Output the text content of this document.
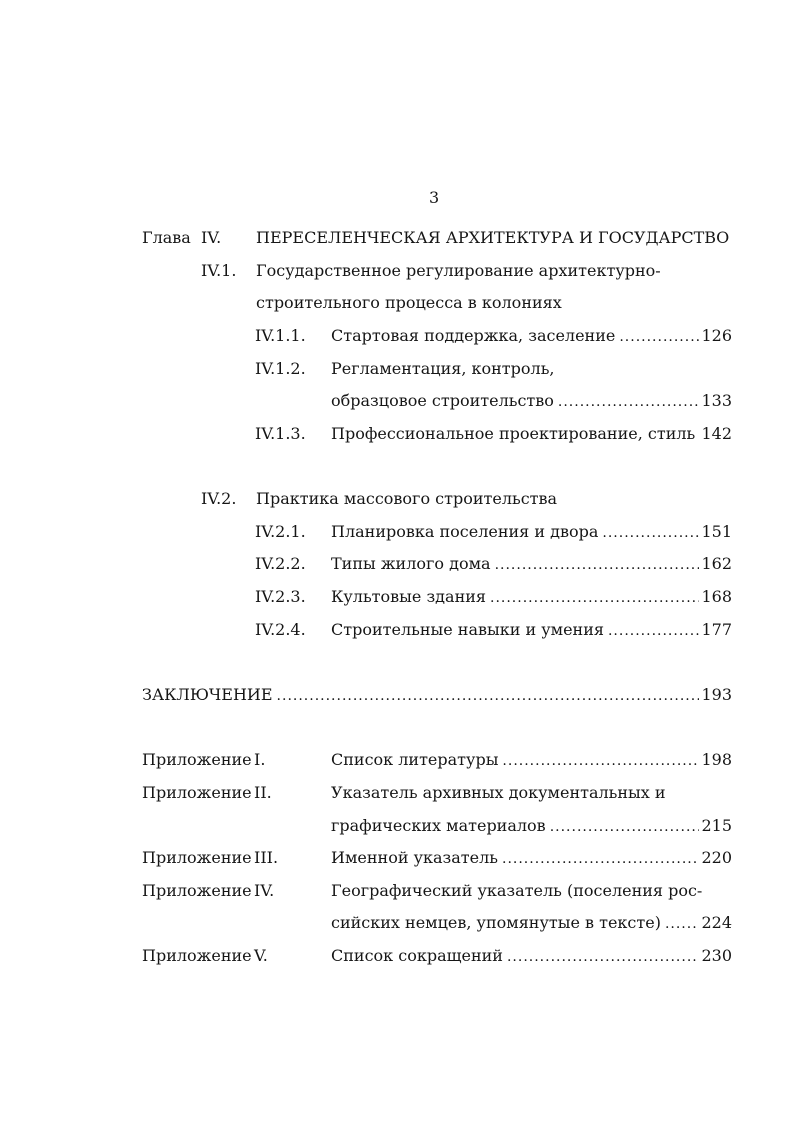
3
Глава IV. ПЕРЕСЕЛЕНЧЕСКАЯ АРХИТЕКТУРА И ГОСУДАРСТВО
IV.1. Государственное регулирование архитектурно-
строительного процесса в колониях
IV.1.1. Стартовая поддержка, заселение .....	126
IV.1.2. Регламентация, контроль,
образцовое строительство .....	133
IV.1.3. Профессиональное проектирование, стиль ..... 142
IV.2. Практика массового строительства
IV.2.1. Планировка поселения и двора .....	151
IV.2.2. Типы жилого дома .....	162
IV.2.3. Культовые здания .....	168
IV.2.4. Строительные навыки и умения .....	177
ЗАКЛЮЧЕНИЕ .....	193
Приложение I.	Список литературы .....	198
Приложение II.	Указатель архивных документальных и
графических материалов .....	215
Приложение III.	Именной указатель .....	220
Приложение IV.	Географический указатель (поселения рос-
сийских немцев, упомянутые в тексте) .....	224
Приложение V.	Список сокращений .....	230
